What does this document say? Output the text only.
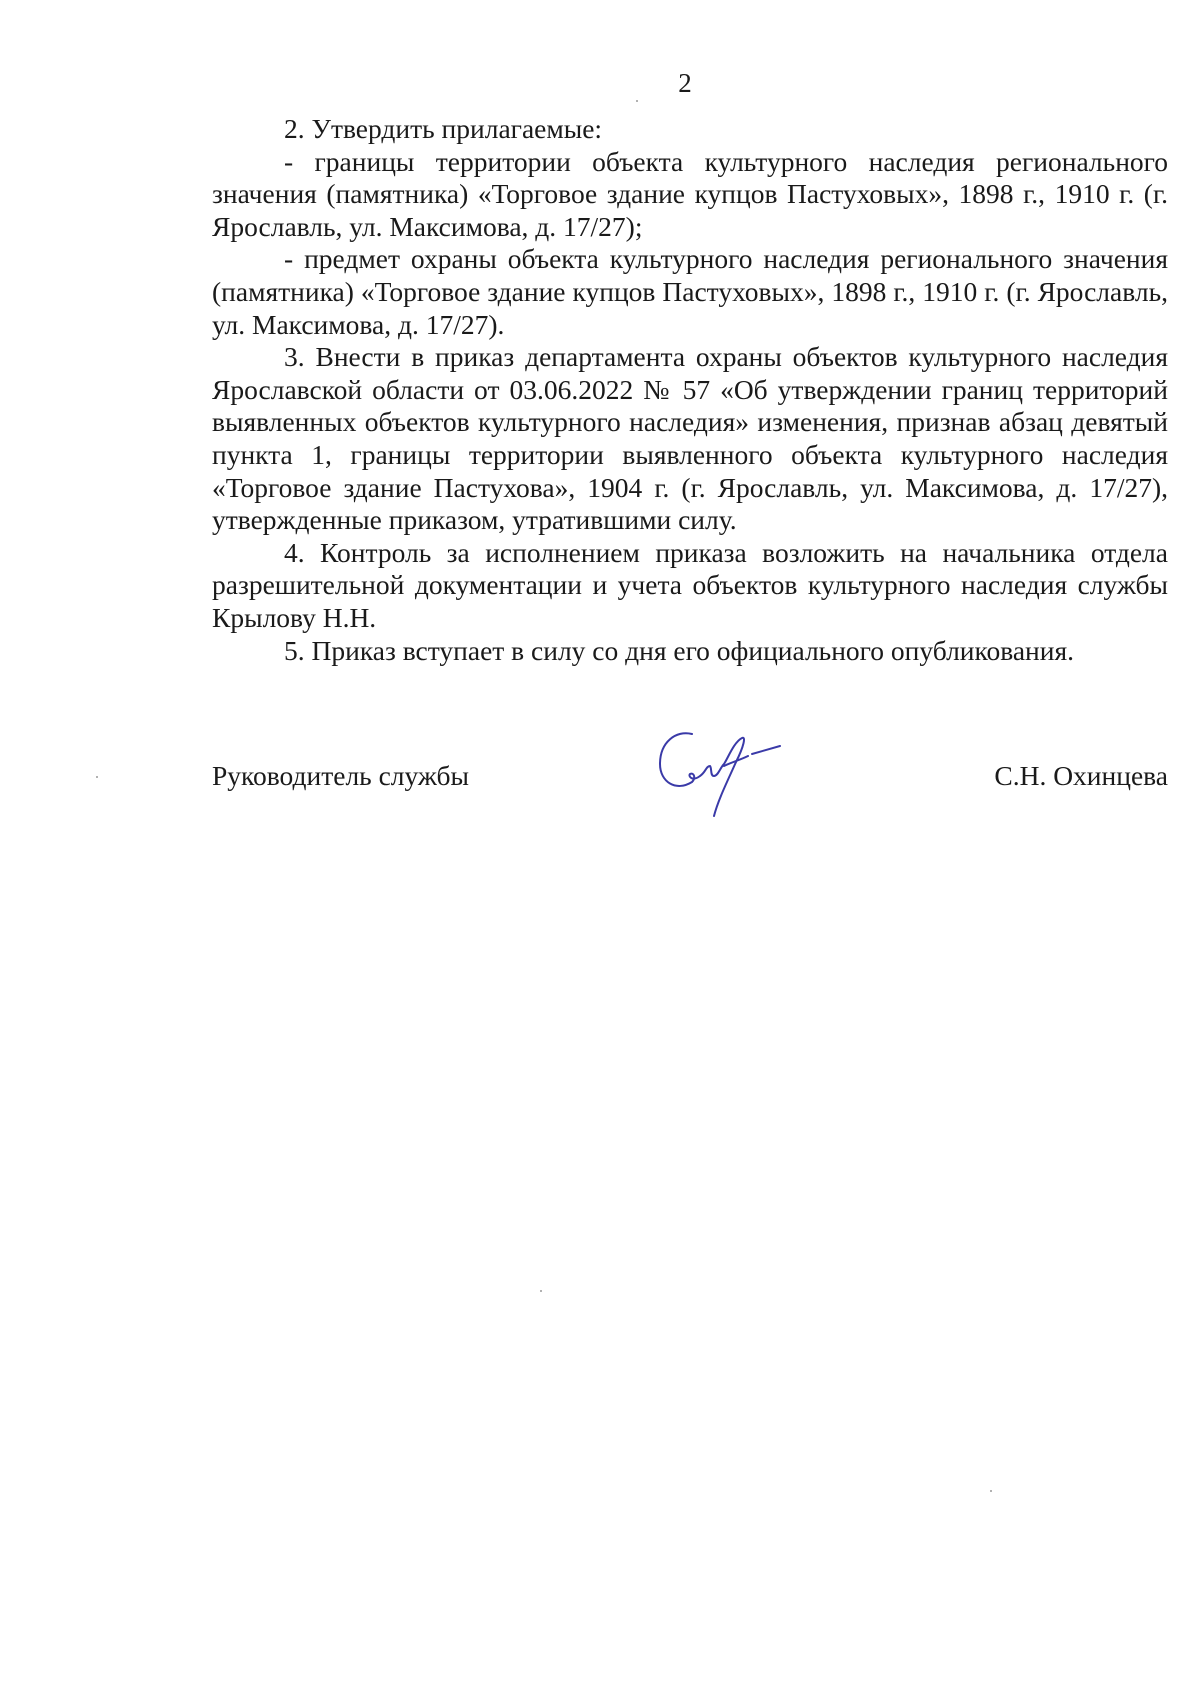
2

2. Утвердить прилагаемые:

- границы территории объекта культурного наследия регионального значения (памятника) «Торговое здание купцов Пастуховых», 1898 г., 1910 г. (г. Ярославль, ул. Максимова, д. 17/27);

- предмет охраны объекта культурного наследия регионального значения (памятника) «Торговое здание купцов Пастуховых», 1898 г., 1910 г. (г. Ярославль, ул. Максимова, д. 17/27).

3. Внести в приказ департамента охраны объектов культурного наследия Ярославской области от 03.06.2022 № 57 «Об утверждении границ территорий выявленных объектов культурного наследия» изменения, признав абзац девятый пункта 1, границы территории выявленного объекта культурного наследия «Торговое здание Пастухова», 1904 г. (г. Ярославль, ул. Максимова, д. 17/27), утвержденные приказом, утратившими силу.

4. Контроль за исполнением приказа возложить на начальника отдела разрешительной документации и учета объектов культурного наследия службы Крылову Н.Н.

5. Приказ вступает в силу со дня его официального опубликования.

Руководитель службы	С.Н. Охинцева
